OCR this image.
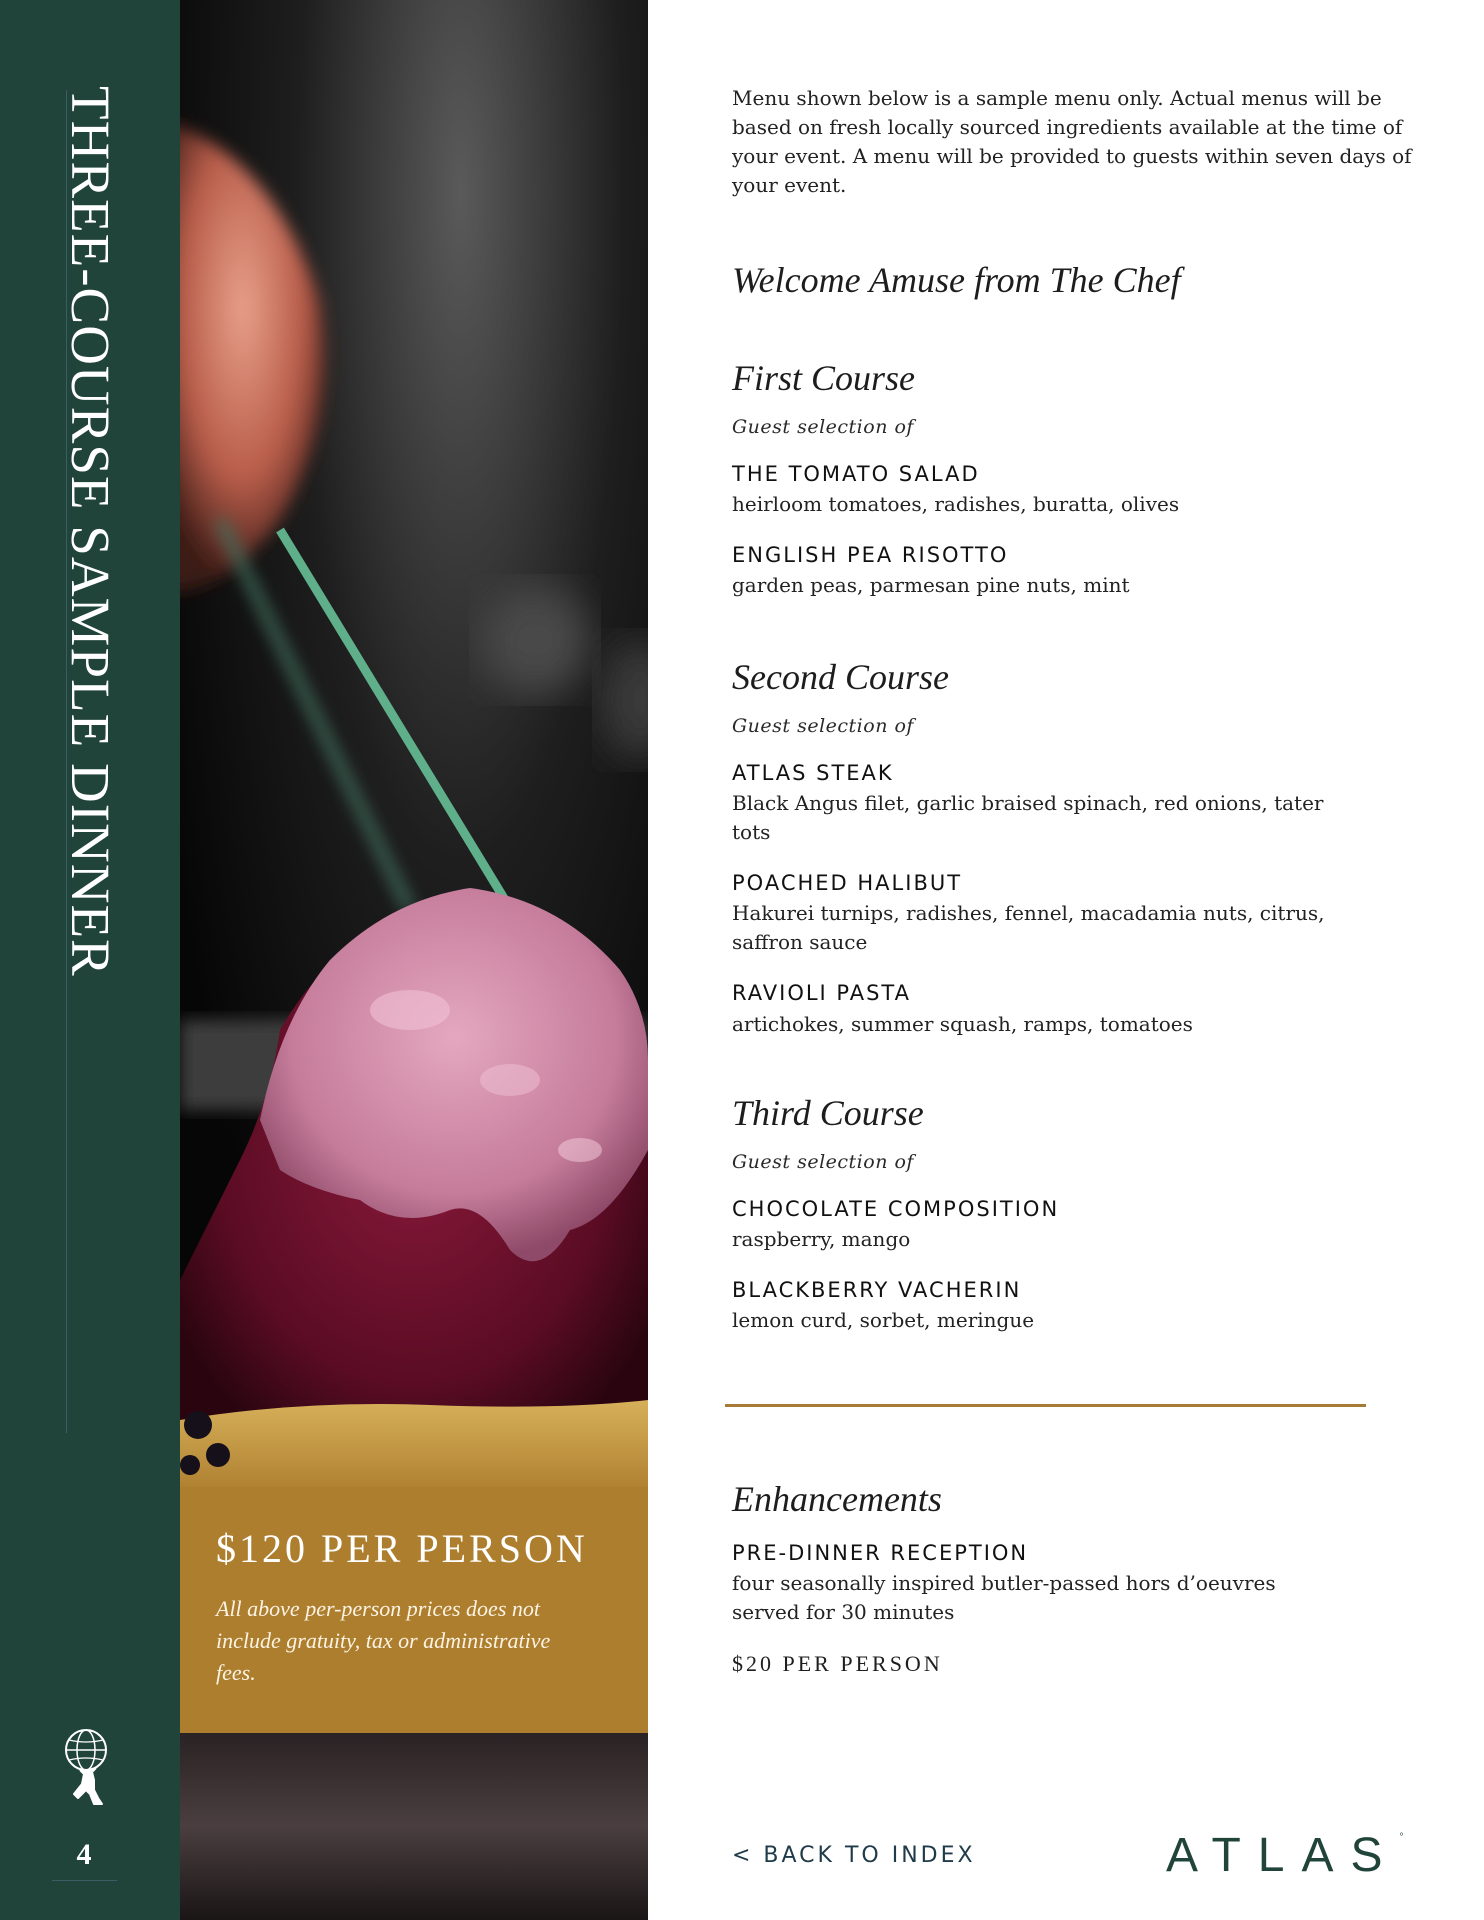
THREE-COURSE SAMPLE DINNER
4
$120 PER PERSON
All above per-person prices does not include gratuity, tax or administrative fees.

Menu shown below is a sample menu only. Actual menus will be based on fresh locally sourced ingredients available at the time of your event. A menu will be provided to guests within seven days of your event.

Welcome Amuse from The Chef
First Course
Guest selection of
THE TOMATO SALAD
heirloom tomatoes, radishes, buratta, olives
ENGLISH PEA RISOTTO
garden peas, parmesan pine nuts, mint
Second Course
Guest selection of
ATLAS STEAK
Black Angus filet, garlic braised spinach, red onions, tater tots
POACHED HALIBUT
Hakurei turnips, radishes, fennel, macadamia nuts, citrus, saffron sauce
RAVIOLI PASTA
artichokes, summer squash, ramps, tomatoes
Third Course
Guest selection of
CHOCOLATE COMPOSITION
raspberry, mango
BLACKBERRY VACHERIN
lemon curd, sorbet, meringue
Enhancements
PRE-DINNER RECEPTION
four seasonally inspired butler-passed hors d’oeuvres served for 30 minutes
$20 PER PERSON
< BACK TO INDEX	ATLAS°
